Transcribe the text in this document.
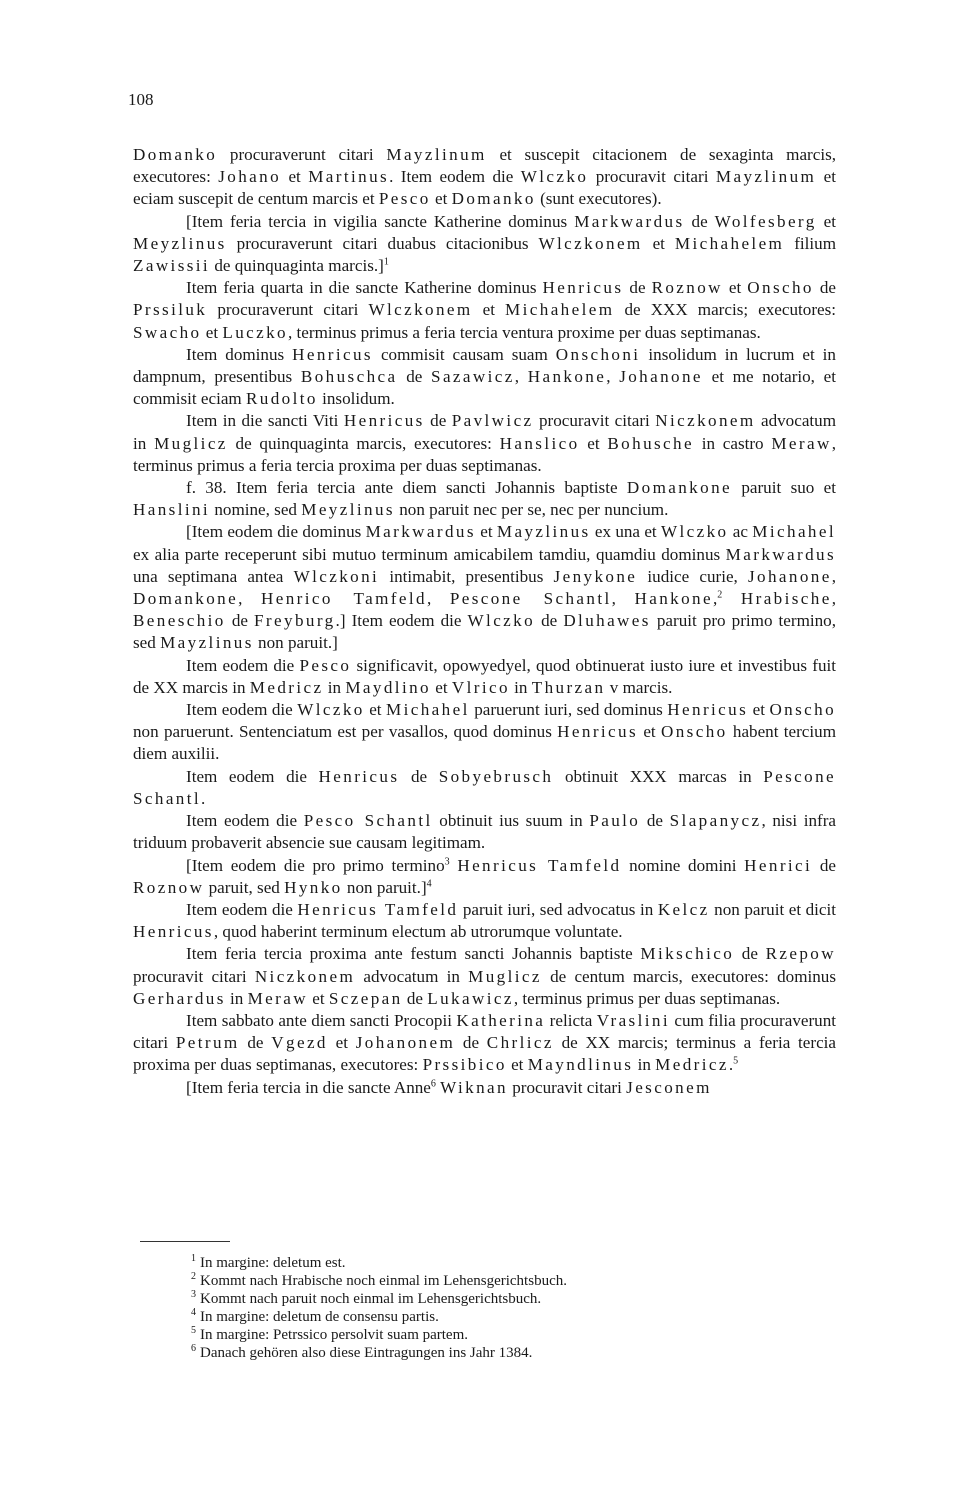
108

Domanko procuraverunt citari Mayzlinum et suscepit citacionem de sexaginta marcis, executores: Johano et Martinus. Item eodem die Wlczko procuravit citari Mayzlinum et eciam suscepit de centum marcis et Pesco et Domanko (sunt executores).

[Item feria tercia in vigilia sancte Katherine dominus Markwardus de Wolfesberg et Meyzlinus procuraverunt citari duabus citacionibus Wlczkonem et Michahelem filium Zawissii de quinquaginta marcis.]$^1$

Item feria quarta in die sancte Katherine dominus Henricus de Roznow et Onscho de Prssiluk procuraverunt citari Wlczkonem et Michahelem de XXX marcis; executores: Swacho et Luczko, terminus primus a feria tercia ventura proxime per duas septimanas.

Item dominus Henricus commisit causam suam Onschoni insolidum in lucrum et in dampnum, presentibus Bohuschca de Sazawicz, Hankone, Johanone et me notario, et commisit eciam Rudolto insolidum.

Item in die sancti Viti Henricus de Pavlwicz procuravit citari Niczkonem advocatum in Muglicz de quinquaginta marcis, executores: Hanslico et Bohusche in castro Meraw, terminus primus a feria tercia proxima per duas septimanas.

f. 38. Item feria tercia ante diem sancti Johannis baptiste Domankone paruit suo et Hanslini nomine, sed Meyzlinus non paruit nec per se, nec per nuncium.

[Item eodem die dominus Markwardus et Mayzlinus ex una et Wlczko ac Michahel ex alia parte receperunt sibi mutuo terminum amicabilem tamdiu, quamdiu dominus Markwardus una septimana antea Wlczkoni intimabit, presentibus Jenykone iudice curie, Johanone, Domankone, Henrico Tamfeld, Pescone Schantl, Hankone,$^2$ Hrabische, Beneschio de Freyburg.] Item eodem die Wlczko de Dluhawes paruit pro primo termino, sed Mayzlinus non paruit.]

Item eodem die Pesco significavit, opowyedyel, quod obtinuerat iusto iure et investibus fuit de XX marcis in Medricz in Maydlino et Vlrico in Thurzan v marcis.

Item eodem die Wlczko et Michahel paruerunt iuri, sed dominus Henricus et Onscho non paruerunt. Sentenciatum est per vasallos, quod dominus Henricus et Onscho habent tercium diem auxilii.

Item eodem die Henricus de Sobyebrusch obtinuit XXX marcas in Pescone Schantl.

Item eodem die Pesco Schantl obtinuit ius suum in Paulo de Slapanycz, nisi infra triduum probaverit absencie sue causam legitimam.

[Item eodem die pro primo termino$^3$ Henricus Tamfeld nomine domini Henrici de Roznow paruit, sed Hynko non paruit.]$^4$

Item eodem die Henricus Tamfeld paruit iuri, sed advocatus in Kelcz non paruit et dicit Henricus, quod haberint terminum electum ab utrorumque voluntate.

Item feria tercia proxima ante festum sancti Johannis baptiste Mikschico de Rzepow procuravit citari Niczkonem advocatum in Muglicz de centum marcis, executores: dominus Gerhardus in Meraw et Sczepan de Lukawicz, terminus primus per duas septimanas.

Item sabbato ante diem sancti Procopii Katherina relicta Vraslini cum filia procuraverunt citari Petrum de Vgezd et Johanonem de Chrlicz de XX marcis; terminus a feria tercia proxima per duas septimanas, executores: Prssibico et Mayndlinus in Medricz.$^5$

[Item feria tercia in die sancte Anne$^6$ Wiknan procuravit citari Jesconem

$^1$ In margine: deletum est.
$^2$ Kommt nach Hrabische noch einmal im Lehensgerichtsbuch.
$^3$ Kommt nach paruit noch einmal im Lehensgerichtsbuch.
$^4$ In margine: deletum de consensu partis.
$^5$ In margine: Petrssico persolvit suam partem.
$^6$ Danach gehören also diese Eintragungen ins Jahr 1384.
